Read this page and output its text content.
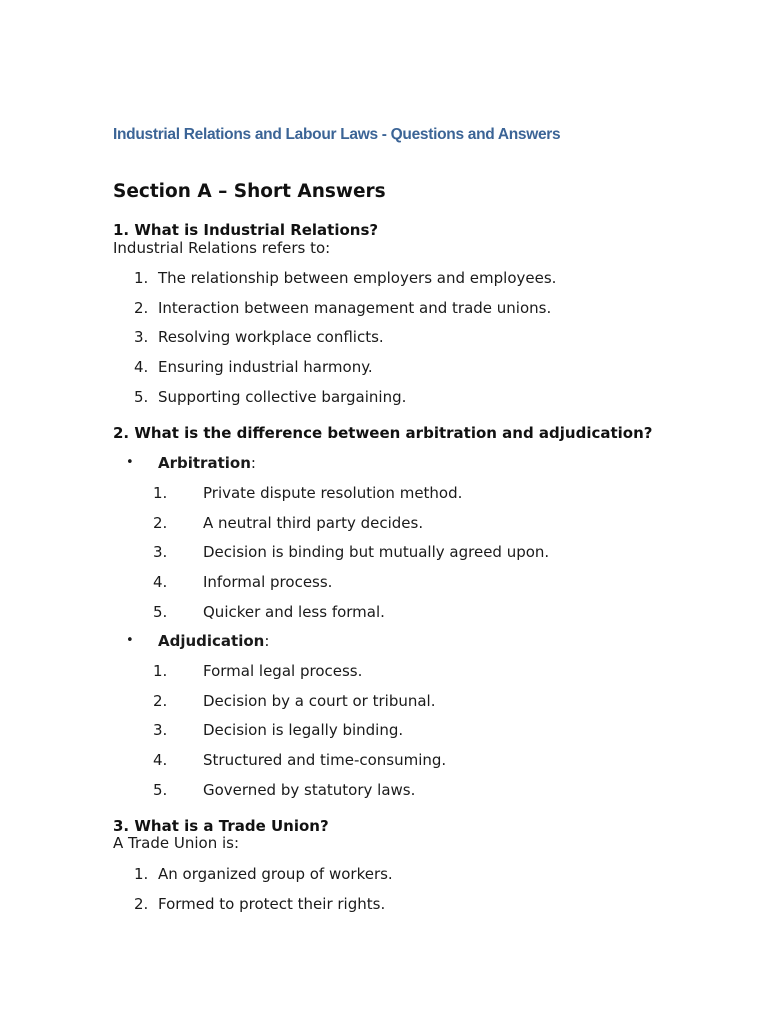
Industrial Relations and Labour Laws - Questions and Answers
Section A – Short Answers
1. What is Industrial Relations?
Industrial Relations refers to:
1. The relationship between employers and employees.
2. Interaction between management and trade unions.
3. Resolving workplace conflicts.
4. Ensuring industrial harmony.
5. Supporting collective bargaining.
2. What is the difference between arbitration and adjudication?
• Arbitration:
1. Private dispute resolution method.
2. A neutral third party decides.
3. Decision is binding but mutually agreed upon.
4. Informal process.
5. Quicker and less formal.
• Adjudication:
1. Formal legal process.
2. Decision by a court or tribunal.
3. Decision is legally binding.
4. Structured and time-consuming.
5. Governed by statutory laws.
3. What is a Trade Union?
A Trade Union is:
1. An organized group of workers.
2. Formed to protect their rights.
